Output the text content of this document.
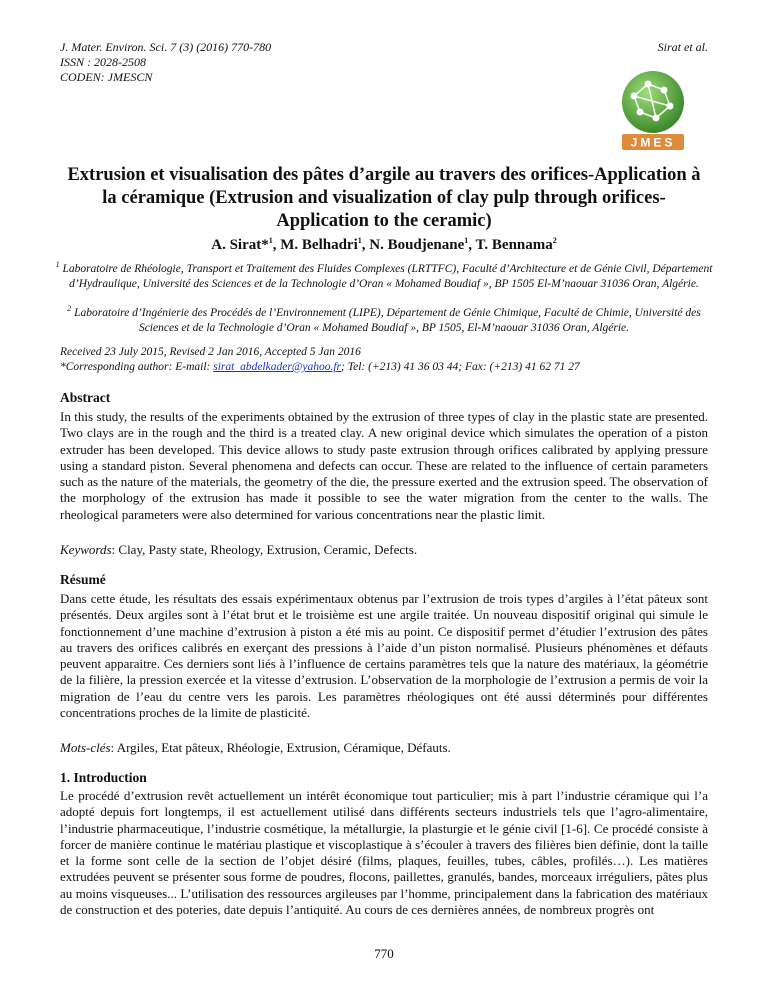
J. Mater. Environ. Sci. 7 (3) (2016) 770-780
ISSN : 2028-2508
CODEN: JMESCN
Sirat et al.
JMES
Extrusion et visualisation des pâtes d’argile au travers des orifices-Application à la céramique (Extrusion and visualization of clay pulp through orifices-Application to the ceramic)
A. Sirat*$^1$, M. Belhadri$^1$, N. Boudjenane$^1$, T. Bennama$^2$
$^1$ Laboratoire de Rhéologie, Transport et Traitement des Fluides Complexes (LRTTFC), Faculté d’Architecture et de Génie Civil, Département d’Hydraulique, Université des Sciences et de la Technologie d’Oran « Mohamed Boudiaf », BP 1505 El-M’naouar 31036 Oran, Algérie.
$^2$ Laboratoire d’Ingénierie des Procédés de l’Environnement (LIPE), Département de Génie Chimique, Faculté de Chimie, Université des Sciences et de la Technologie d’Oran « Mohamed Boudiaf », BP 1505, El-M’naouar 31036 Oran, Algérie.
Received 23 July 2015, Revised 2 Jan 2016, Accepted 5 Jan 2016
*Corresponding author: E-mail: sirat_abdelkader@yahoo.fr; Tel: (+213) 41 36 03 44; Fax: (+213) 41 62 71 27
Abstract
In this study, the results of the experiments obtained by the extrusion of three types of clay in the plastic state are presented. Two clays are in the rough and the third is a treated clay. A new original device which simulates the operation of a piston extruder has been developed. This device allows to study paste extrusion through orifices calibrated by applying pressure using a standard piston. Several phenomena and defects can occur. These are related to the influence of certain parameters such as the nature of the materials, the geometry of the die, the pressure exerted and the extrusion speed. The observation of the morphology of the extrusion has made it possible to see the water migration from the center to the walls. The rheological parameters were also determined for various concentrations near the plastic limit.
Keywords: Clay, Pasty state, Rheology, Extrusion, Ceramic, Defects.
Résumé
Dans cette étude, les résultats des essais expérimentaux obtenus par l’extrusion de trois types d’argiles à l’état pâteux sont présentés. Deux argiles sont à l’état brut et le troisième est une argile traitée. Un nouveau dispositif original qui simule le fonctionnement d’une machine d’extrusion à piston a été mis au point. Ce dispositif permet d’étudier l’extrusion des pâtes au travers des orifices calibrés en exerçant des pressions à l’aide d’un piston normalisé. Plusieurs phénomènes et défauts peuvent apparaitre. Ces derniers sont liés à l’influence de certains paramètres tels que la nature des matériaux, la géométrie de la filière, la pression exercée et la vitesse d’extrusion. L’observation de la morphologie de l’extrusion a permis de voir la migration de l’eau du centre vers les parois. Les paramètres rhéologiques ont été aussi déterminés pour différentes concentrations proches de la limite de plasticité.
Mots-clés: Argiles, Etat pâteux, Rhéologie, Extrusion, Céramique, Défauts.
1. Introduction
Le procédé d’extrusion revêt actuellement un intérêt économique tout particulier; mis à part l’industrie céramique qui l’a adopté depuis fort longtemps, il est actuellement utilisé dans différents secteurs industriels tels que l’agro-alimentaire, l’industrie pharmaceutique, l’industrie cosmétique, la métallurgie, la plasturgie et le génie civil [1-6]. Ce procédé consiste à forcer de manière continue le matériau plastique et viscoplastique à s’écouler à travers des filières bien définie, dont la taille et la forme sont celle de la section de l’objet désiré (films, plaques, feuilles, tubes, câbles, profilés…). Les matières extrudées peuvent se présenter sous forme de poudres, flocons, paillettes, granulés, bandes, morceaux irréguliers, pâtes plus au moins visqueuses... L’utilisation des ressources argileuses par l’homme, principalement dans la fabrication des matériaux de construction et des poteries, date depuis l’antiquité. Au cours de ces dernières années, de nombreux progrès ont
770
